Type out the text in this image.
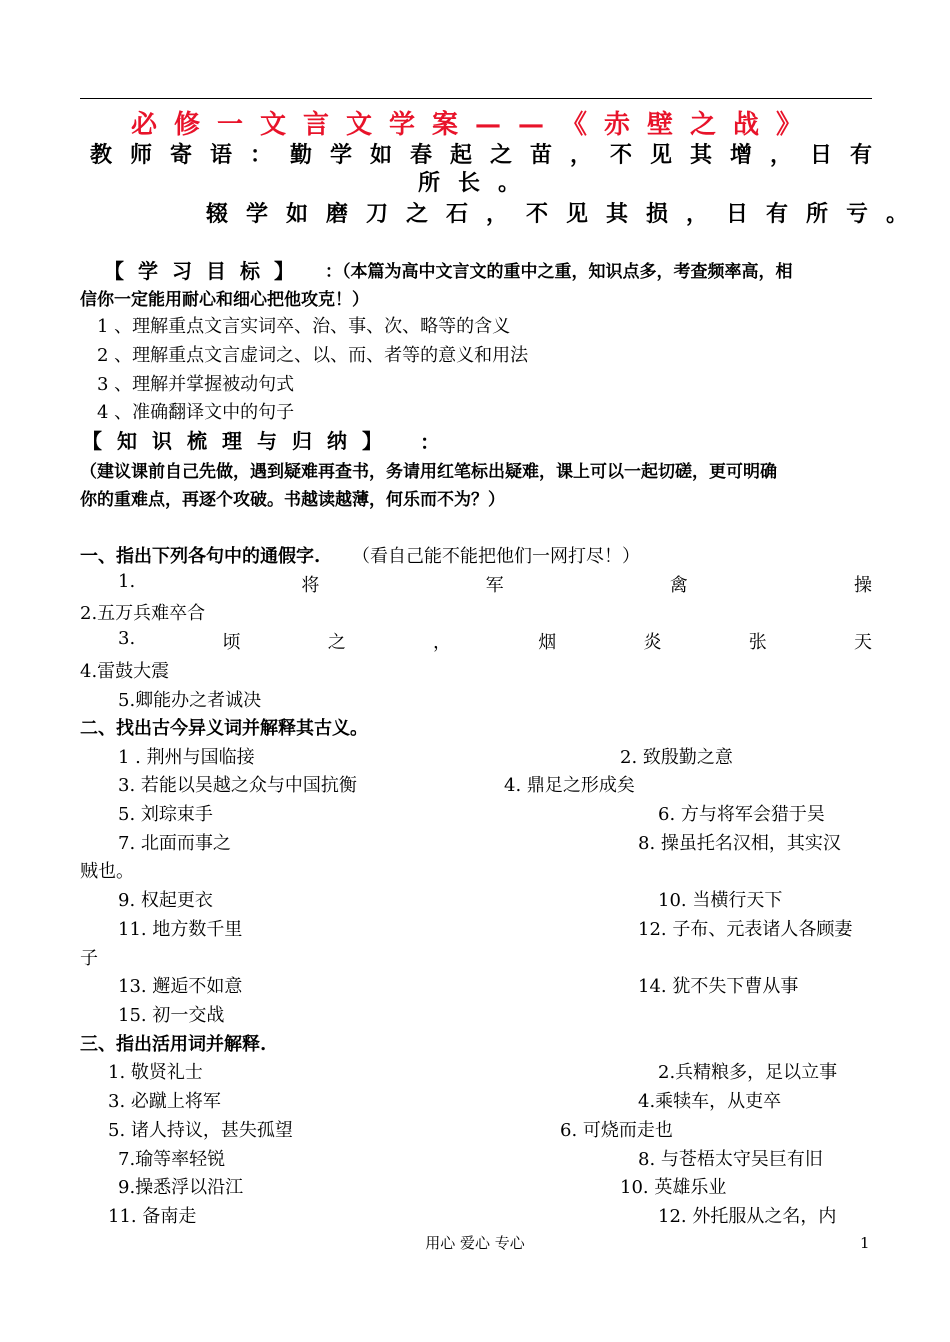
必修一文言文学案——《赤壁之战》
教师寄语：勤学如春起之苗，不见其增，日有
所长。
辍学如磨刀之石，不见其损，日有所亏。
【学习目标】 ：（本篇为高中文言文的重中之重，知识点多，考查频率高，相
信你一定能用耐心和细心把他攻克！）
1 、理解重点文言实词卒、治、事、次、略等的含义
2 、理解重点文言虚词之、以、而、者等的意义和用法
3 、理解并掌握被动句式
4 、准确翻译文中的句子
【知识梳理与归纳】 ：
（建议课前自己先做，遇到疑难再查书，务请用红笔标出疑难，课上可以一起切磋，更可明确
你的重难点，再逐个攻破。书越读越薄，何乐而不为？）
一、指出下列各句中的通假字. （看自己能不能把他们一网打尽！）
1.	将	军	禽	操
2.五万兵难卒合
3.	顷	之	，	烟	炎	张	天
4.雷鼓大震
5.卿能办之者诚决
二、找出古今异义词并解释其古义。
1 . 荆州与国临接	2. 致殷勤之意
3. 若能以吴越之众与中国抗衡	4. 鼎足之形成矣
5. 刘琮束手	6. 方与将军会猎于吴
7. 北面而事之	8. 操虽托名汉相，其实汉
贼也。
9. 权起更衣	10. 当横行天下
11. 地方数千里	12. 子布、元表诸人各顾妻
子
13. 邂逅不如意	14. 犹不失下曹从事
15. 初一交战
三、指出活用词并解释.
1. 敬贤礼士	2.兵精粮多，足以立事
3. 必蹴上将军	4.乘犊车，从吏卒
5. 诸人持议，甚失孤望	6. 可烧而走也
7.瑜等率轻锐	8. 与苍梧太守吴巨有旧
9.操悉浮以沿江	10. 英雄乐业
11. 备南走	12. 外托服从之名，内
用心 爱心 专心	1
